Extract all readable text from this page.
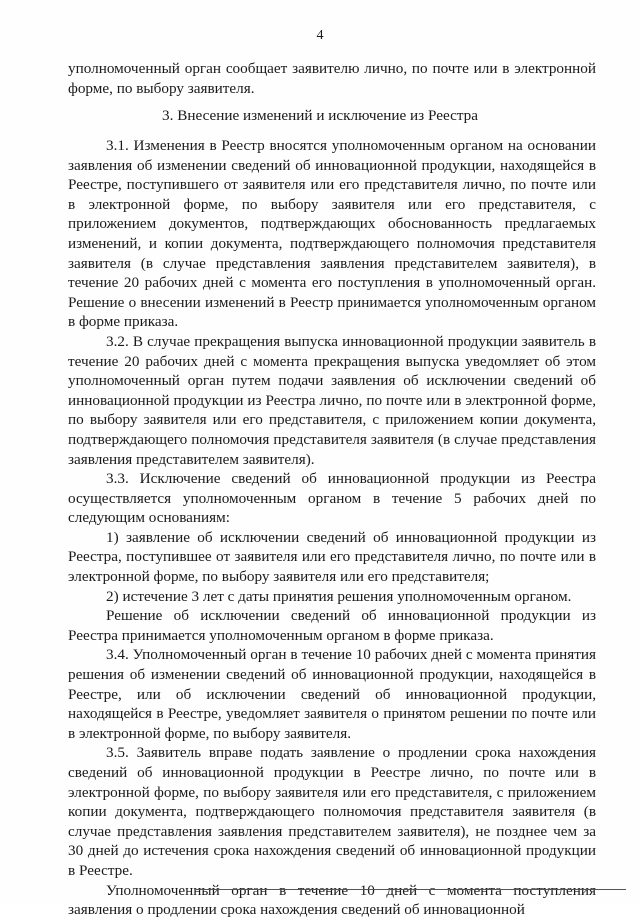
4

уполномоченный орган сообщает заявителю лично, по почте или в электронной форме, по выбору заявителя.

3. Внесение изменений и исключение из Реестра

3.1. Изменения в Реестр вносятся уполномоченным органом на основании заявления об изменении сведений об инновационной продукции, находящейся в Реестре, поступившего от заявителя или его представителя лично, по почте или в электронной форме, по выбору заявителя или его представителя, с приложением документов, подтверждающих обоснованность предлагаемых изменений, и копии документа, подтверждающего полномочия представителя заявителя (в случае представления заявления представителем заявителя), в течение 20 рабочих дней с момента его поступления в уполномоченный орган. Решение о внесении изменений в Реестр принимается уполномоченным органом в форме приказа.

3.2. В случае прекращения выпуска инновационной продукции заявитель в течение 20 рабочих дней с момента прекращения выпуска уведомляет об этом уполномоченный орган путем подачи заявления об исключении сведений об инновационной продукции из Реестра лично, по почте или в электронной форме, по выбору заявителя или его представителя, с приложением копии документа, подтверждающего полномочия представителя заявителя (в случае представления заявления представителем заявителя).

3.3. Исключение сведений об инновационной продукции из Реестра осуществляется уполномоченным органом в течение 5 рабочих дней по следующим основаниям:

1) заявление об исключении сведений об инновационной продукции из Реестра, поступившее от заявителя или его представителя лично, по почте или в электронной форме, по выбору заявителя или его представителя;

2) истечение 3 лет с даты принятия решения уполномоченным органом.

Решение об исключении сведений об инновационной продукции из Реестра принимается уполномоченным органом в форме приказа.

3.4. Уполномоченный орган в течение 10 рабочих дней с момента принятия решения об изменении сведений об инновационной продукции, находящейся в Реестре, или об исключении сведений об инновационной продукции, находящейся в Реестре, уведомляет заявителя о принятом решении по почте или в электронной форме, по выбору заявителя.

3.5. Заявитель вправе подать заявление о продлении срока нахождения сведений об инновационной продукции в Реестре лично, по почте или в электронной форме, по выбору заявителя или его представителя, с приложением копии документа, подтверждающего полномочия представителя заявителя (в случае представления заявления представителем заявителя), не позднее чем за 30 дней до истечения срока нахождения сведений об инновационной продукции в Реестре.

Уполномоченный орган в течение 10 дней с момента поступления заявления о продлении срока нахождения сведений об инновационной
